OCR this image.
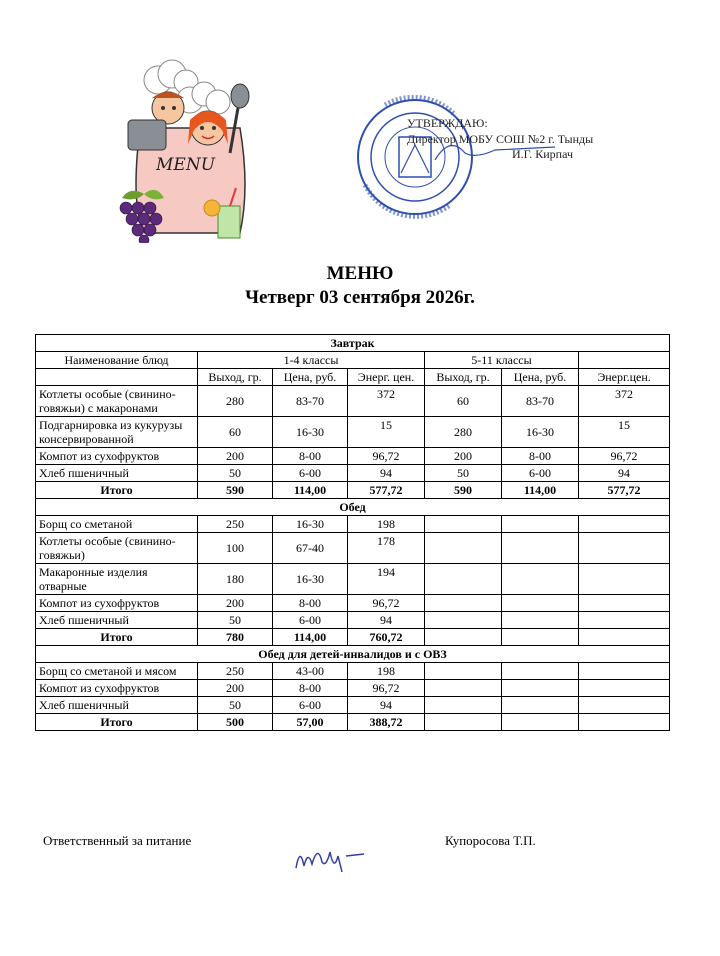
MENU
УТВЕРЖДАЮ:
Директор МОБУ СОШ №2 г. Тынды
И.Г. Кирпач
МЕНЮ
Четверг 03 сентября 2026г.
Завтрак						
Наименование блюд	1-4 классы			5-11 классы		
	Выход, гр.	Цена, руб.	Энерг. цен.	Выход, гр.	Цена, руб.	Энерг.цен.
Котлеты особые (свинино-говяжьи) с макаронами	280	83-70	372	60	83-70	372
Подгарнировка из кукурузы консервированной	60	16-30	15	280	16-30	15
Компот из сухофруктов	200	8-00	96,72	200	8-00	96,72
Хлеб пшеничный	50	6-00	94	50	6-00	94
Итого	590	114,00	577,72	590	114,00	577,72
Обед						
Борщ со сметаной	250	16-30	198			
Котлеты особые (свинино- говяжьи)	100	67-40	178			
Макаронные изделия отварные	180	16-30	194			
Компот из сухофруктов	200	8-00	96,72			
Хлеб пшеничный	50	6-00	94			
Итого	780	114,00	760,72			
Обед для детей-инвалидов и с ОВЗ						
Борщ со сметаной и мясом	250	43-00	198			
Компот из сухофруктов	200	8-00	96,72			
Хлеб пшеничный	50	6-00	94			
Итого	500	57,00	388,72			
Ответственный за питание	Купоросова Т.П.
